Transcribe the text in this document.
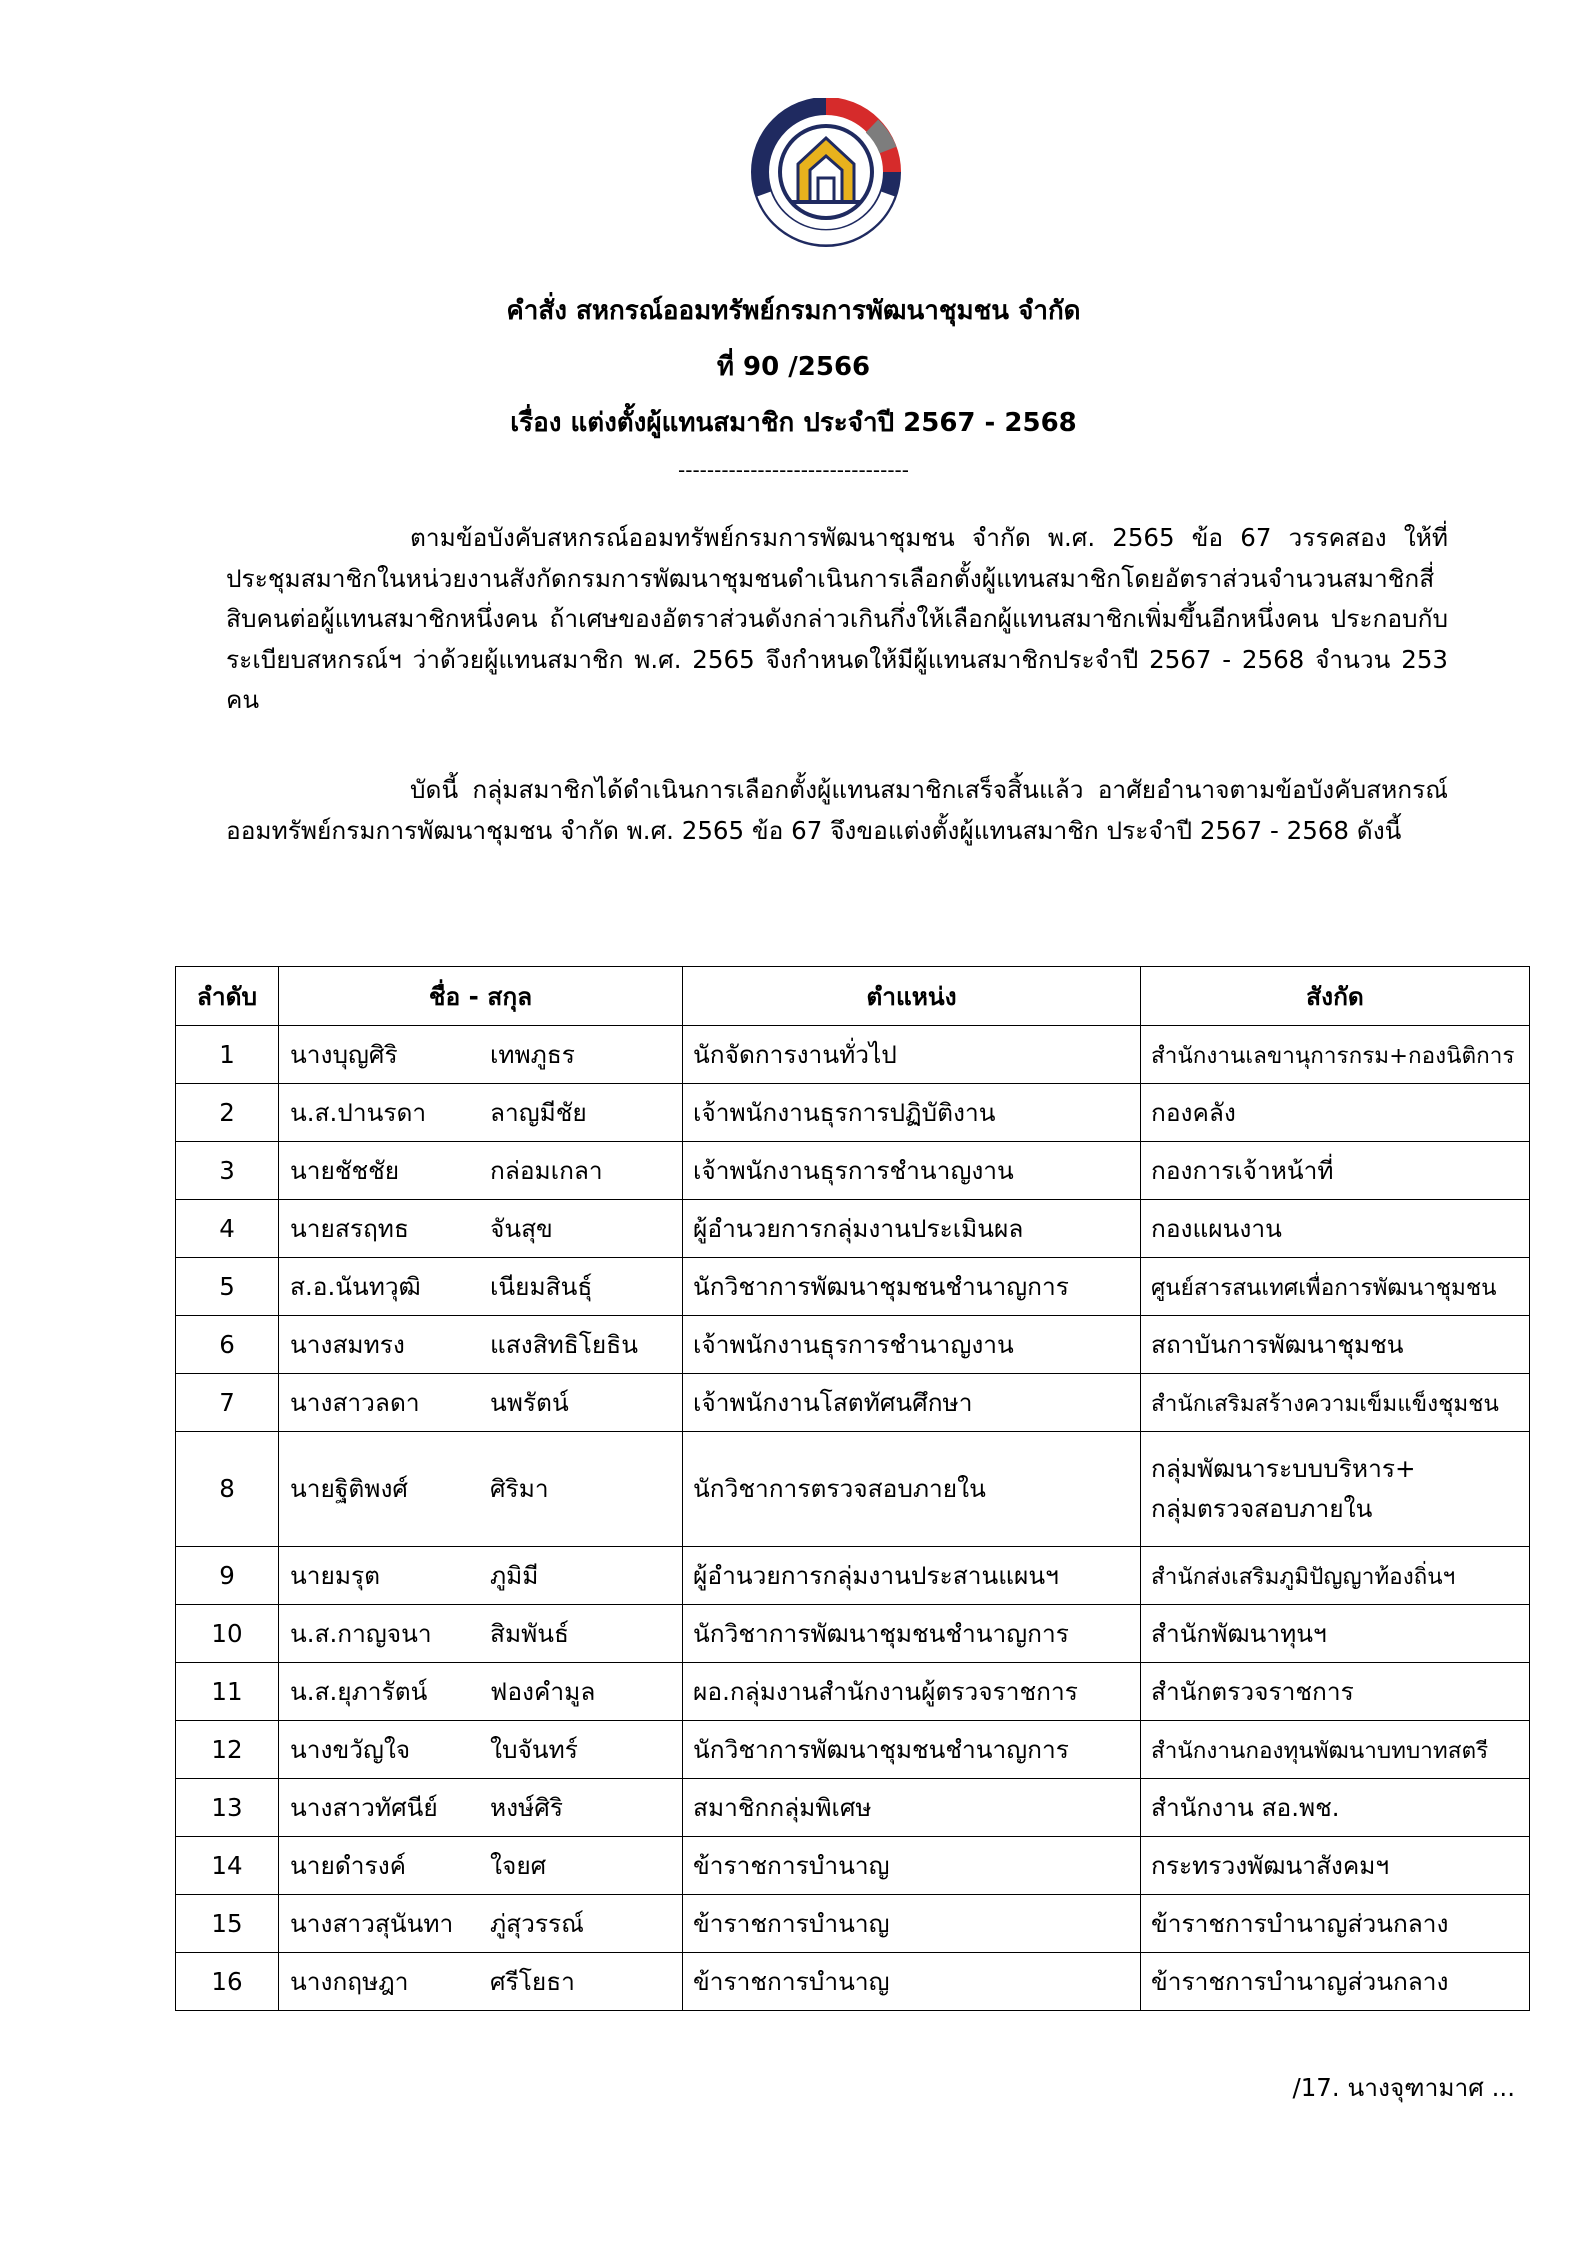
คำสั่ง สหกรณ์ออมทรัพย์กรมการพัฒนาชุมชน จำกัด
ที่ 90 /2566
เรื่อง แต่งตั้งผู้แทนสมาชิก ประจำปี 2567 - 2568
--------------------------------

ตามข้อบังคับสหกรณ์ออมทรัพย์กรมการพัฒนาชุมชน จำกัด พ.ศ. 2565 ข้อ 67 วรรคสอง ให้ที่ประชุมสมาชิกในหน่วยงานสังกัดกรมการพัฒนาชุมชนดำเนินการเลือกตั้งผู้แทนสมาชิกโดยอัตราส่วนจำนวนสมาชิกสี่สิบคนต่อผู้แทนสมาชิกหนึ่งคน ถ้าเศษของอัตราส่วนดังกล่าวเกินกึ่งให้เลือกผู้แทนสมาชิกเพิ่มขึ้นอีกหนึ่งคน ประกอบกับระเบียบสหกรณ์ฯ ว่าด้วยผู้แทนสมาชิก พ.ศ. 2565 จึงกำหนดให้มีผู้แทนสมาชิกประจำปี 2567 - 2568 จำนวน 253 คน

บัดนี้ กลุ่มสมาชิกได้ดำเนินการเลือกตั้งผู้แทนสมาชิกเสร็จสิ้นแล้ว อาศัยอำนาจตามข้อบังคับสหกรณ์ออมทรัพย์กรมการพัฒนาชุมชน จำกัด พ.ศ. 2565 ข้อ 67 จึงขอแต่งตั้งผู้แทนสมาชิก ประจำปี 2567 - 2568 ดังนี้

ลำดับ	ชื่อ - สกุล	ตำแหน่ง	สังกัด
1	นางบุญศิริ เทพภูธร	นักจัดการงานทั่วไป	สำนักงานเลขานุการกรม+กองนิติการ
2	น.ส.ปานรดา ลาญมีชัย	เจ้าพนักงานธุรการปฏิบัติงาน	กองคลัง
3	นายชัชชัย กล่อมเกลา	เจ้าพนักงานธุรการชำนาญงาน	กองการเจ้าหน้าที่
4	นายสรฤทธ จันสุข	ผู้อำนวยการกลุ่มงานประเมินผล	กองแผนงาน
5	ส.อ.นันทวุฒิ เนียมสินธุ์	นักวิชาการพัฒนาชุมชนชำนาญการ	ศูนย์สารสนเทศเพื่อการพัฒนาชุมชน
6	นางสมทรง แสงสิทธิโยธิน	เจ้าพนักงานธุรการชำนาญงาน	สถาบันการพัฒนาชุมชน
7	นางสาวลดา นพรัตน์	เจ้าพนักงานโสตทัศนศึกษา	สำนักเสริมสร้างความเข็มแข็งชุมชน
8	นายฐิติพงศ์ ศิริมา	นักวิชาการตรวจสอบภายใน	กลุ่มพัฒนาระบบบริหาร+
กลุ่มตรวจสอบภายใน

9	นายมรุต ภูมิมี	ผู้อำนวยการกลุ่มงานประสานแผนฯ	สำนักส่งเสริมภูมิปัญญาท้องถิ่นฯ
10	น.ส.กาญจนา สิมพันธ์	นักวิชาการพัฒนาชุมชนชำนาญการ	สำนักพัฒนาทุนฯ
11	น.ส.ยุภารัตน์ ฟองคำมูล	ผอ.กลุ่มงานสำนักงานผู้ตรวจราชการ	สำนักตรวจราชการ
12	นางขวัญใจ ใบจันทร์	นักวิชาการพัฒนาชุมชนชำนาญการ	สำนักงานกองทุนพัฒนาบทบาทสตรี
13	นางสาวทัศนีย์ หงษ์ศิริ	สมาชิกกลุ่มพิเศษ	สำนักงาน สอ.พช.
14	นายดำรงค์ ใจยศ	ข้าราชการบำนาญ	กระทรวงพัฒนาสังคมฯ
15	นางสาวสุนันทา ภู่สุวรรณ์	ข้าราชการบำนาญ	ข้าราชการบำนาญส่วนกลาง
16	นางกฤษฎา ศรีโยธา	ข้าราชการบำนาญ	ข้าราชการบำนาญส่วนกลาง
/17. นางจุฑามาศ ...
